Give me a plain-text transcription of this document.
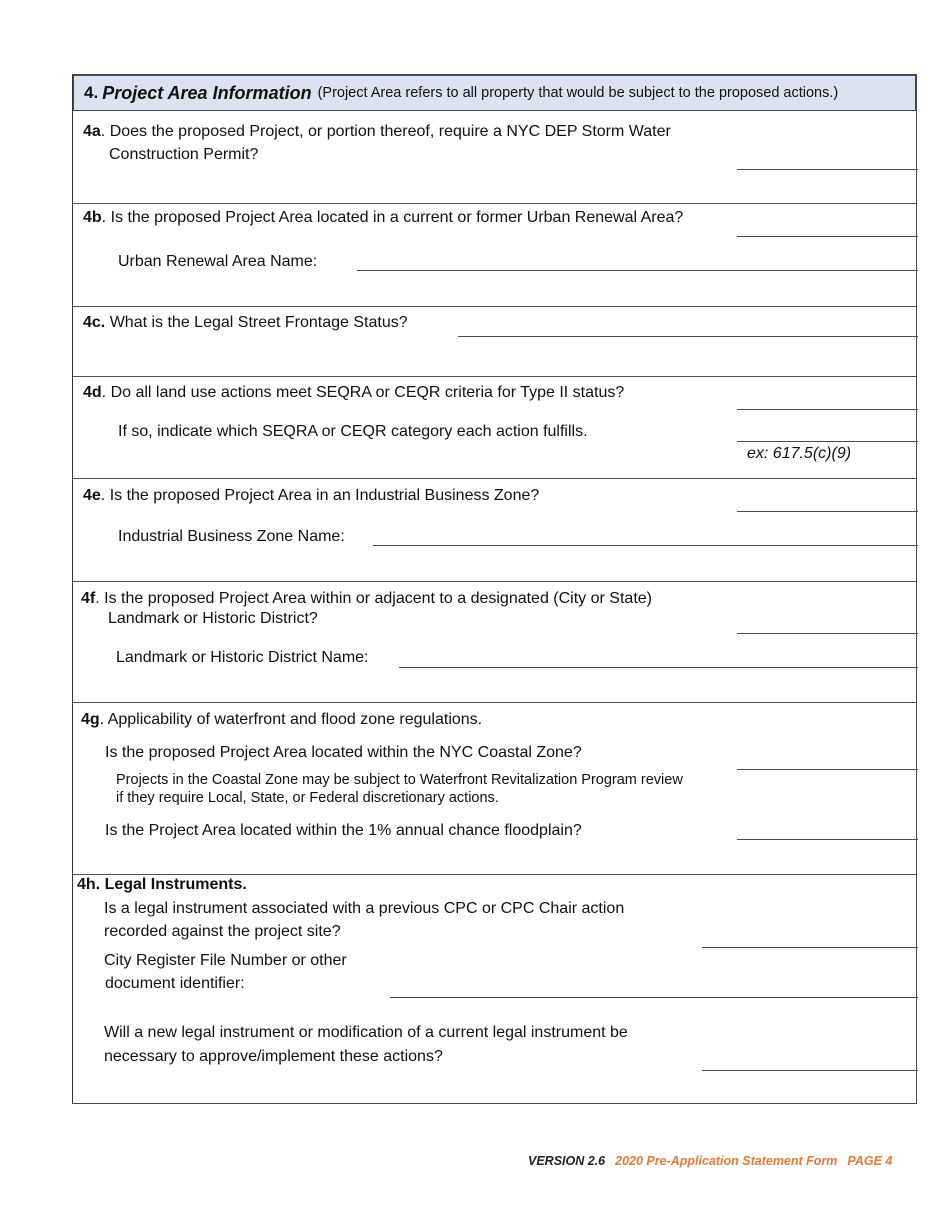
4. Project Area Information (Project Area refers to all property that would be subject to the proposed actions.)
4a. Does the proposed Project, or portion thereof, require a NYC DEP Storm Water
Construction Permit?
4b. Is the proposed Project Area located in a current or former Urban Renewal Area?
Urban Renewal Area Name:
4c. What is the Legal Street Frontage Status?
4d. Do all land use actions meet SEQRA or CEQR criteria for Type II status?
If so, indicate which SEQRA or CEQR category each action fulfills.
ex: 617.5(c)(9)
4e. Is the proposed Project Area in an Industrial Business Zone?
Industrial Business Zone Name:
4f. Is the proposed Project Area within or adjacent to a designated (City or State)
Landmark or Historic District?
Landmark or Historic District Name:
4g. Applicability of waterfront and flood zone regulations.
Is the proposed Project Area located within the NYC Coastal Zone?
Projects in the Coastal Zone may be subject to Waterfront Revitalization Program review
if they require Local, State, or Federal discretionary actions.
Is the Project Area located within the 1% annual chance floodplain?
4h. Legal Instruments.
Is a legal instrument associated with a previous CPC or CPC Chair action
recorded against the project site?
City Register File Number or other
document identifier:
Will a new legal instrument or modification of a current legal instrument be
necessary to approve/implement these actions?
VERSION 2.6 2020 Pre-Application Statement Form PAGE 4
